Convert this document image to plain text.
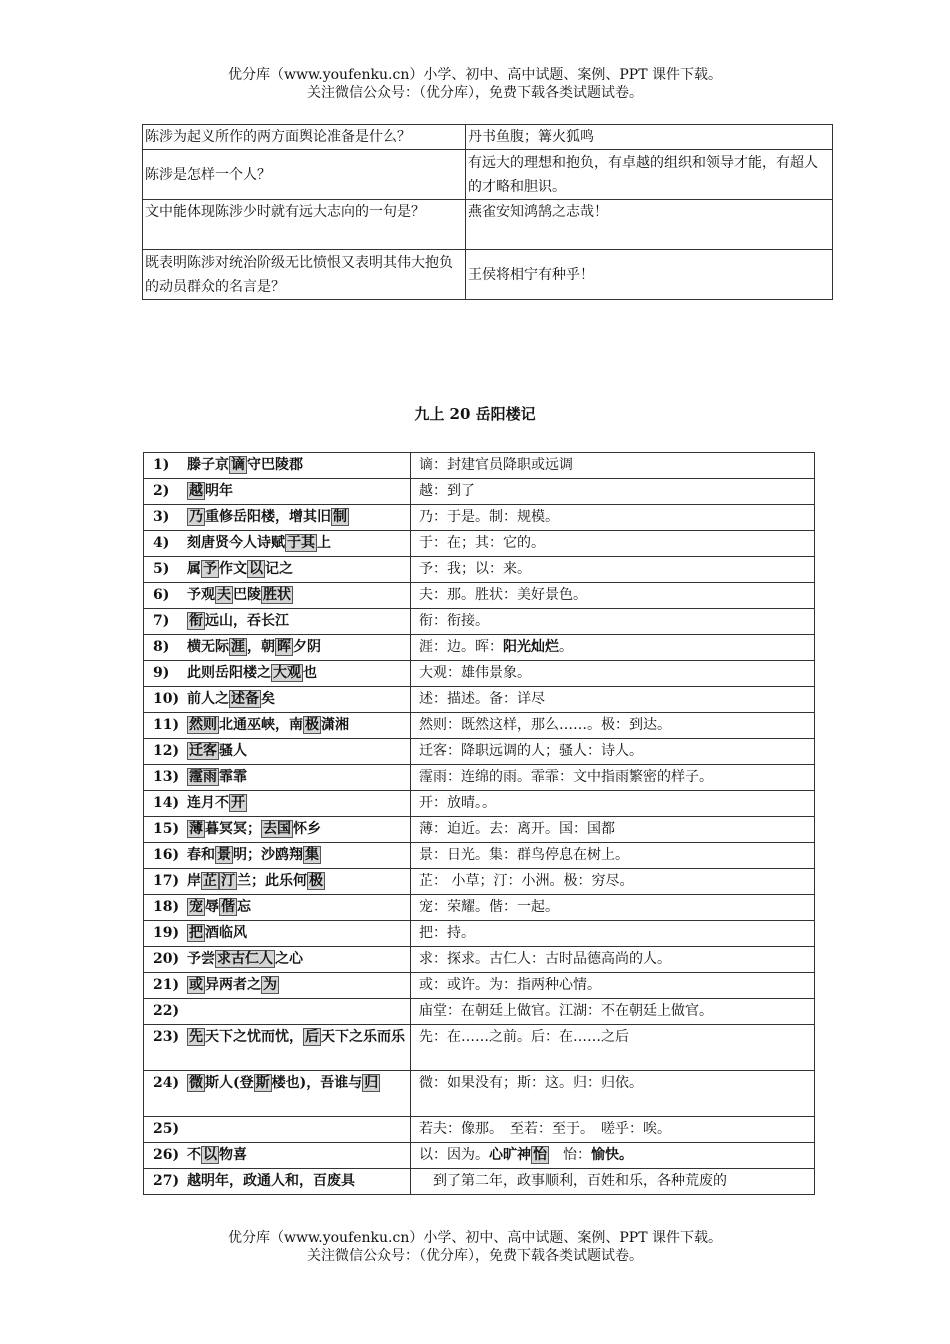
优分库（www.youfenku.cn）小学、初中、高中试题、案例、PPT 课件下载。
关注微信公众号：（优分库），免费下载各类试题试卷。
陈涉为起义所作的两方面舆论准备是什么？	丹书鱼腹；篝火狐鸣
陈涉是怎样一个人？	有远大的理想和抱负，有卓越的组织和领导才能，有超人的才略和胆识。
文中能体现陈涉少时就有远大志向的一句是？	燕雀安知鸿鹄之志哉！
既表明陈涉对统治阶级无比愤恨又表明其伟大抱负的动员群众的名言是？	王侯将相宁有种乎！
九上 20 岳阳楼记
1) 滕子京 谪 守巴陵郡	谪：封建官员降职或远调
2) 越 明年	越：到了
3) 乃 重修岳阳楼，增其旧 制	乃：于是。制：规模。
4) 刻唐贤今人诗赋 于其 上	于：在；其：它的。
5) 属 予 作文 以 记之	予：我；以：来。
6) 予观 夫 巴陵 胜状	夫：那。胜状：美好景色。
7) 衔 远山，吞长江	衔：衔接。
8) 横无际 涯 ，朝 晖 夕阴	涯：边。晖：阳光灿烂。
9) 此则岳阳楼之 大观 也	大观：雄伟景象。
10) 前人之 述备 矣	述：描述。备：详尽
11) 然则 北通巫峡，南 极 潇湘	然则：既然这样，那么……。极：到达。
12) 迁客 骚人	迁客：降职远调的人；骚人：诗人。
13) 霪雨 霏霏	霪雨：连绵的雨。霏霏：文中指雨繁密的样子。
14) 连月不 开	开：放晴。。
15) 薄 暮冥冥； 去国 怀乡	薄：迫近。去：离开。国：国都
16) 春和 景 明；沙鸥翔 集	景：日光。集：群鸟停息在树上。
17) 岸 芷 汀 兰；此乐何 极	芷： 小草；汀：小洲。极：穷尽。
18) 宠 辱 偕 忘	宠：荣耀。偕：一起。
19) 把 酒临风	把：持。
20) 予尝 求古仁人 之心	求：探求。古仁人：古时品德高尚的人。
21) 或 异两者之 为	或：或许。为：指两种心情。
22)	庙堂：在朝廷上做官。江湖：不在朝廷上做官。
23) 先 天下之忧而忧， 后 天下之乐而乐	先：在……之前。后：在……之后
24) 微 斯人(登 斯 楼也)，吾谁与 归	微：如果没有；斯：这。归：归依。
25)	若夫：像那。　至若：至于。　嗟乎：唉。
26) 不 以 物喜	以：因为。心旷神 怡　怡：愉快。
27) 越明年，政通人和，百废具	　到了第二年，政事顺利，百姓和乐，各种荒废的
优分库（www.youfenku.cn）小学、初中、高中试题、案例、PPT 课件下载。
关注微信公众号：（优分库），免费下载各类试题试卷。
